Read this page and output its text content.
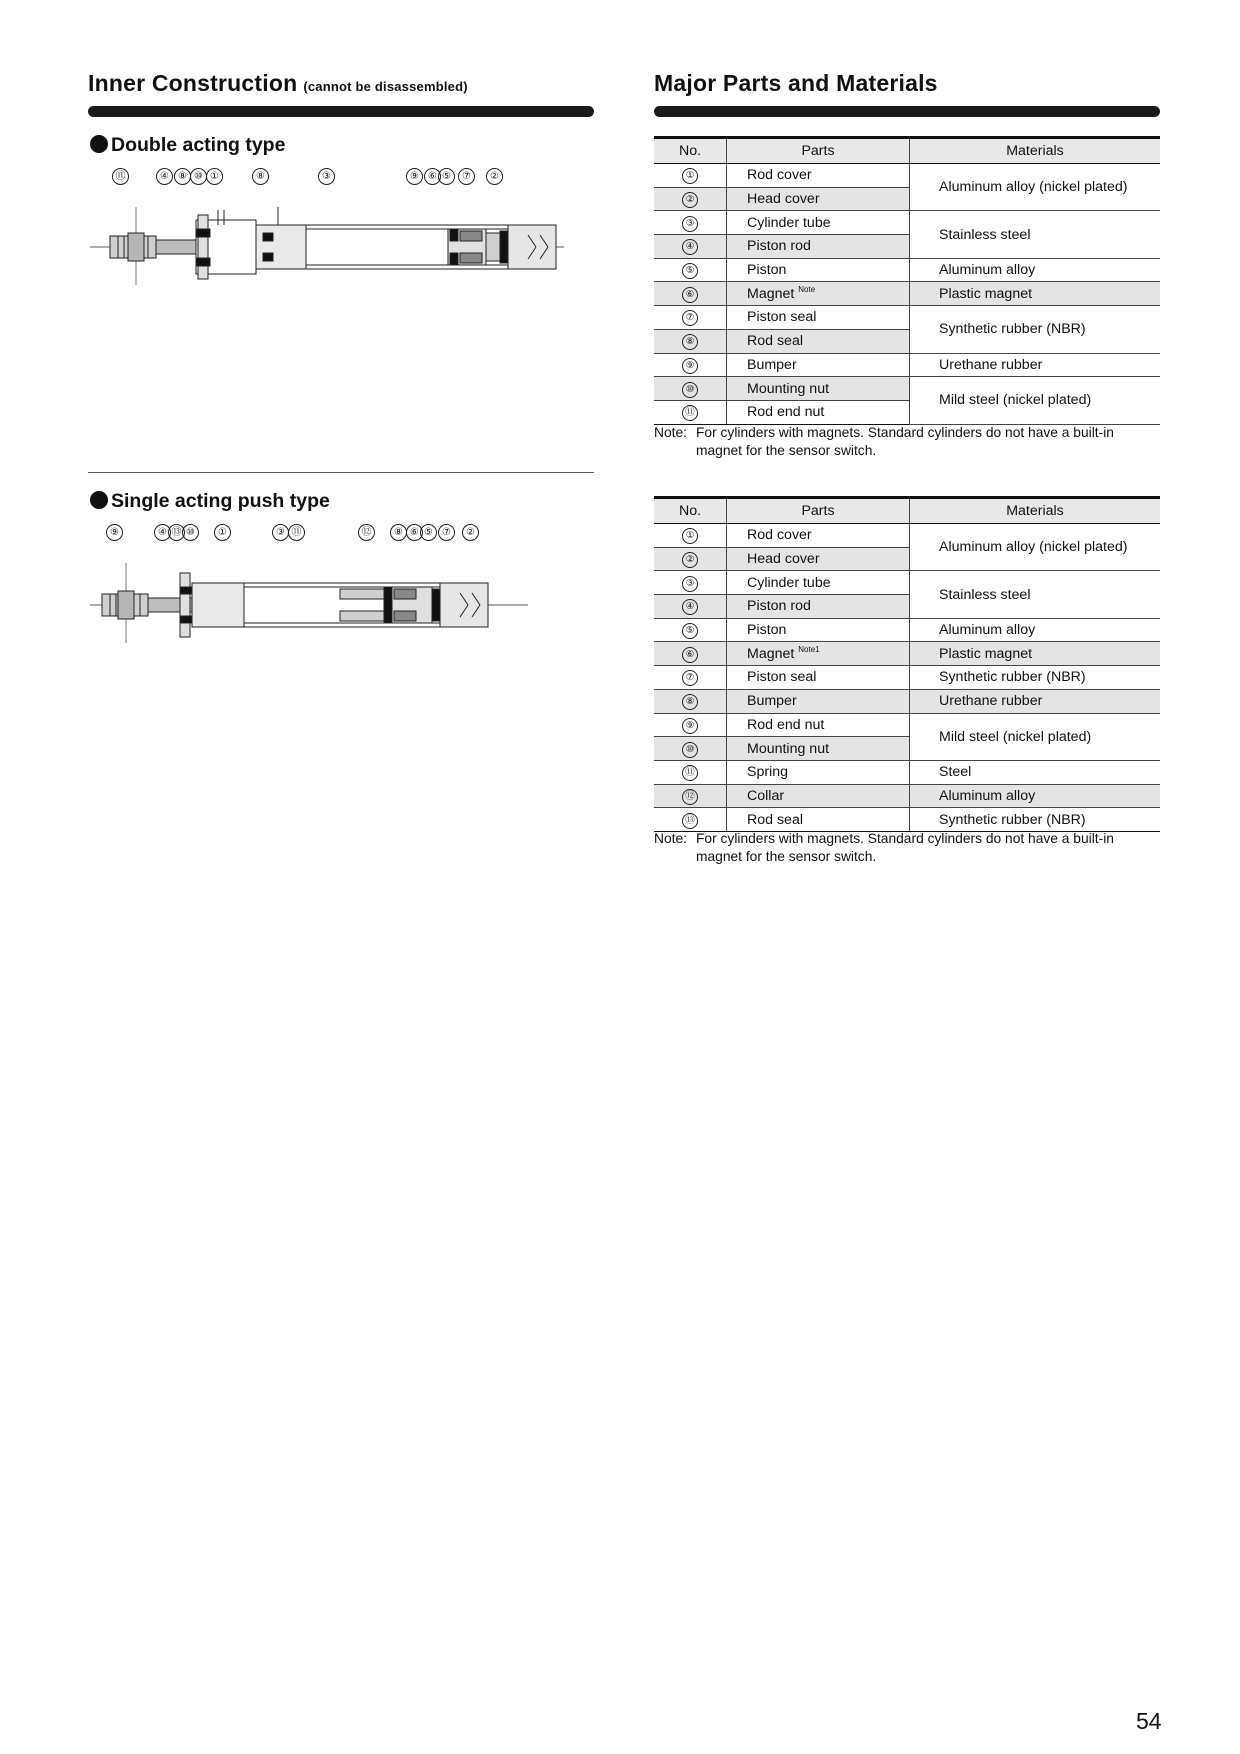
Inner Construction (cannot be disassembled)
Double acting type
⑪	④ ⑧ ⑩ ①	⑧	③	⑨ ⑥ ⑤	⑦	②
Single acting push type
⑨	④ ⑬ ⑩	①	③ ⑪	⑫	⑧ ⑥ ⑤ ⑦	②
Major Parts and Materials
No.	Parts	Materials
①	Rod cover	Aluminum alloy (nickel plated)
②	Head cover	
③	Cylinder tube	Stainless steel
④	Piston rod	
⑤	Piston	Aluminum alloy
⑥	Magnet $^{Note}$	Plastic magnet
⑦	Piston seal	Synthetic rubber (NBR)
⑧	Rod seal	
⑨	Bumper	Urethane rubber
⑩	Mounting nut	Mild steel (nickel plated)
⑪	Rod end nut	
Note: For cylinders with magnets. Standard cylinders do not have a built-in
magnet for the sensor switch.
No.	Parts	Materials
①	Rod cover	Aluminum alloy (nickel plated)
②	Head cover	
③	Cylinder tube	Stainless steel
④	Piston rod	
⑤	Piston	Aluminum alloy
⑥	Magnet $^{Note1}$	Plastic magnet
⑦	Piston seal	Synthetic rubber (NBR)
⑧	Bumper	Urethane rubber
⑨	Rod end nut	Mild steel (nickel plated)
⑩	Mounting nut	
⑪	Spring	Steel
⑫	Collar	Aluminum alloy
⑬	Rod seal	Synthetic rubber (NBR)
Note: For cylinders with magnets. Standard cylinders do not have a built-in
magnet for the sensor switch.
54
